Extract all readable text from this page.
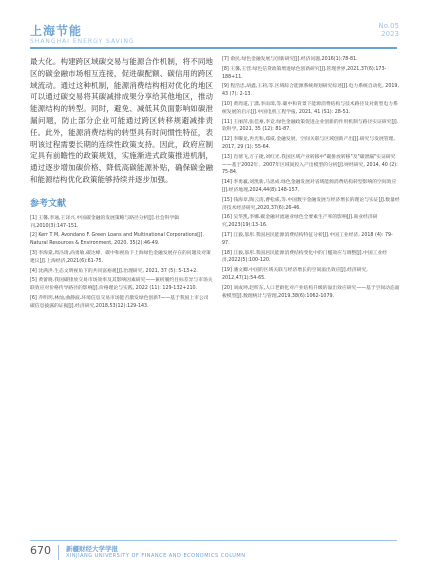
上海节能
SHANGHAI ENERGY SAVING
No.05
2023

最大化。构建跨区域碳交易与能源合作机制，将不同地区的碳金融市场相互连接，促进碳配额、碳信用的跨区域流动。通过这种机制，能源消费结构相对优化的地区可以通过碳交易将其碳减排成果分享给其他地区，推动能源结构的转型。同时，避免、减低其负面影响如碳泄漏问题，防止部分企业可能通过跨区转移规避减排责任。此外，能源消费结构的转型具有时间惯性特征，表明该过程需要长期的连续性政策支持。因此，政府应制定具有前瞻性的政策规划，实施渐进式政策推进机制，通过逐步增加碳价格、降低高碳能源补贴，确保碳金融和能源结构优化政策能够持续并逐步加强。

参考文献

[1] 王馨,李通,王译兴.中国碳金融的发展策略与路径分析[J].社会科学辑刊,2010(3):147-151.

[2] Kerr T M, Avondano F. Green Loans and Multinational Corporations[J]. Natural Resources & Environment, 2020, 35(2):46-49.

[3] 李海棠,周冯琦,尚勇敏.碳达峰、碳中和视角下上海绿色金融发展存在的问题及对策建议[J].上海经济,2021(6):61-75.

[4] 沈满洪.生态文明视角下的共同富裕观[J].治理研究, 2021, 37 (5): 5-13+2.

[5] 黄蕾晓.我国碳排放交易市场效率及其影响因素研究——兼析履约目标差异与市场关联效应对价格传导路径的影响[J].价格理论与实践, 2022 (11): 129-132+210.

[6] 乔明玥,林灿,曲静波.环境信息交易市场能否激发绿色创新?——基于我国上市公司碳信息披露的证据[J].经济研究,2018,53(12):129-143.

[7] 俞民.绿色金融发展与创新研究[J].经济问题,2016(1):78-81.

[8] 王馨,王营.绿色信贷政策增进绿色创新研究[J].管理世界,2021,37(6):173-188+11.

[9] 程浩忠,胡鑫,王莉,等.区域综合能源系统规划研究综述[J].电力系统自动化, 2019, 43 (7): 2-13.

[10] 黄周道,丁潇,李雨璋,等.碳中和背景下能源消费结构与技术路径及对新型电力系统发展的启示[J].中国电机工程学报, 2021, 41 (S1): 28-51.

[11] 王丽萍,张佳豪,李竞.绿色金融政策促进企业创新的作用机制与路径实证研究[J].软科学, 2021, 35 (12): 81-87.

[12] 李曜龙,冉光和,郑威.金融发展、空间关联与区域创新产出[J].研究与发展管理, 2017, 29 (1): 55-64.

[13] 肖倩飞,万子捷,刘红光.我国区域产业转移中"碳排放转移"及"碳泄漏"实证研究——基于2002年、2007年区域间投入产出模型的分析[J].财经研究, 2014, 40 (2): 75-84.

[14] 李勇赢,刘凯新,马思成.绿色金融发展对省域能源消费结构转型影响的空间效应[J].经济地理,2024,44(8):148-157.

[15] 钱海章,陶云清,曹松威,等.中国数字金融发展与经济增长的理论与实证[J].数量经济技术经济研究,2020,37(6):26-46.

[16] 吴华凯,李娜.碳金融对流通业绿色全要素生产率的影响[J].商业经济研究,2023(19):13-16.

[17] 江毅,邬彤.我国居民能源消费结构特征分析[J].中国工业经济, 2018 (4): 79-97.

[18] 江毅,邬彤.我国居民能源消费结构变化中的门槛效应与调整[J].中国工业经济,2022(5):100-120.

[19] 潘文卿.中国的区域关联与经济增长的空间溢出效应[J].经济研究, 2012,47(1):54-65.

[20] 刘成坤,赵昕东,人口老龄化对产业结构升级的溢出效应研究——基于空间动态面板模型[J].数理统计与管理,2019,38(6):1062-1079.

670 新疆财经大学学报
XINJIANG UNIVERSITY OF FINANCE AND ECONOMICS COLUMN
